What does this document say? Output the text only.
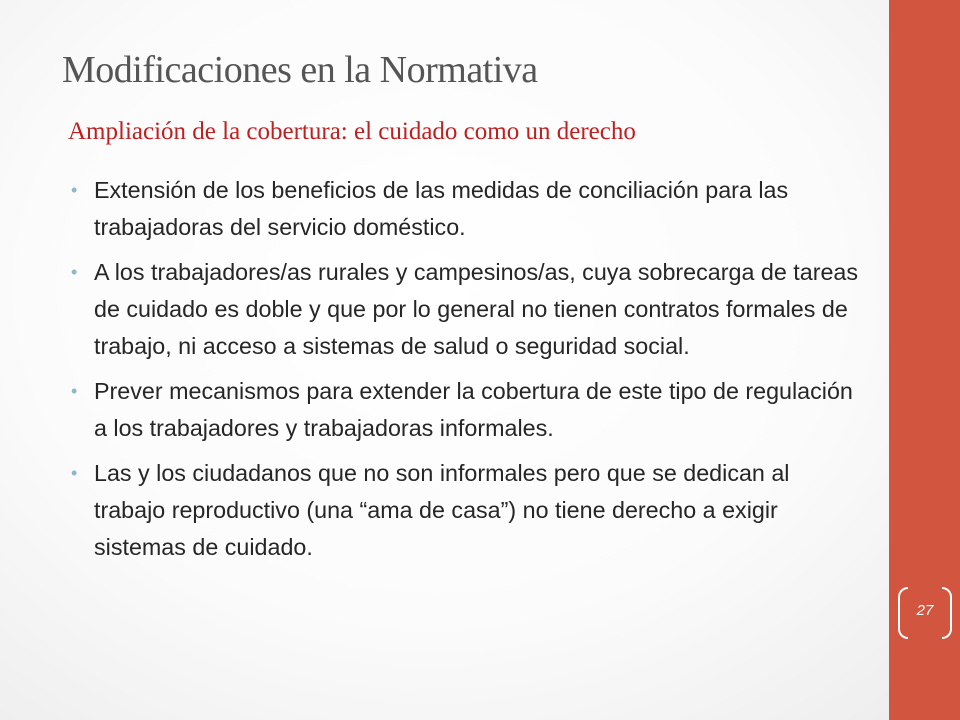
Modificaciones en la Normativa
Ampliación de la cobertura: el cuidado como un derecho
• Extensión de los beneficios de las medidas de conciliación para las trabajadoras del servicio doméstico.
• A los trabajadores/as rurales y campesinos/as, cuya sobrecarga de tareas de cuidado es doble y que por lo general no tienen contratos formales de trabajo, ni acceso a sistemas de salud o seguridad social.
• Prever mecanismos para extender la cobertura de este tipo de regulación a los trabajadores y trabajadoras informales.
• Las y los ciudadanos que no son informales pero que se dedican al trabajo reproductivo (una “ama de casa”) no tiene derecho a exigir sistemas de cuidado.
27
